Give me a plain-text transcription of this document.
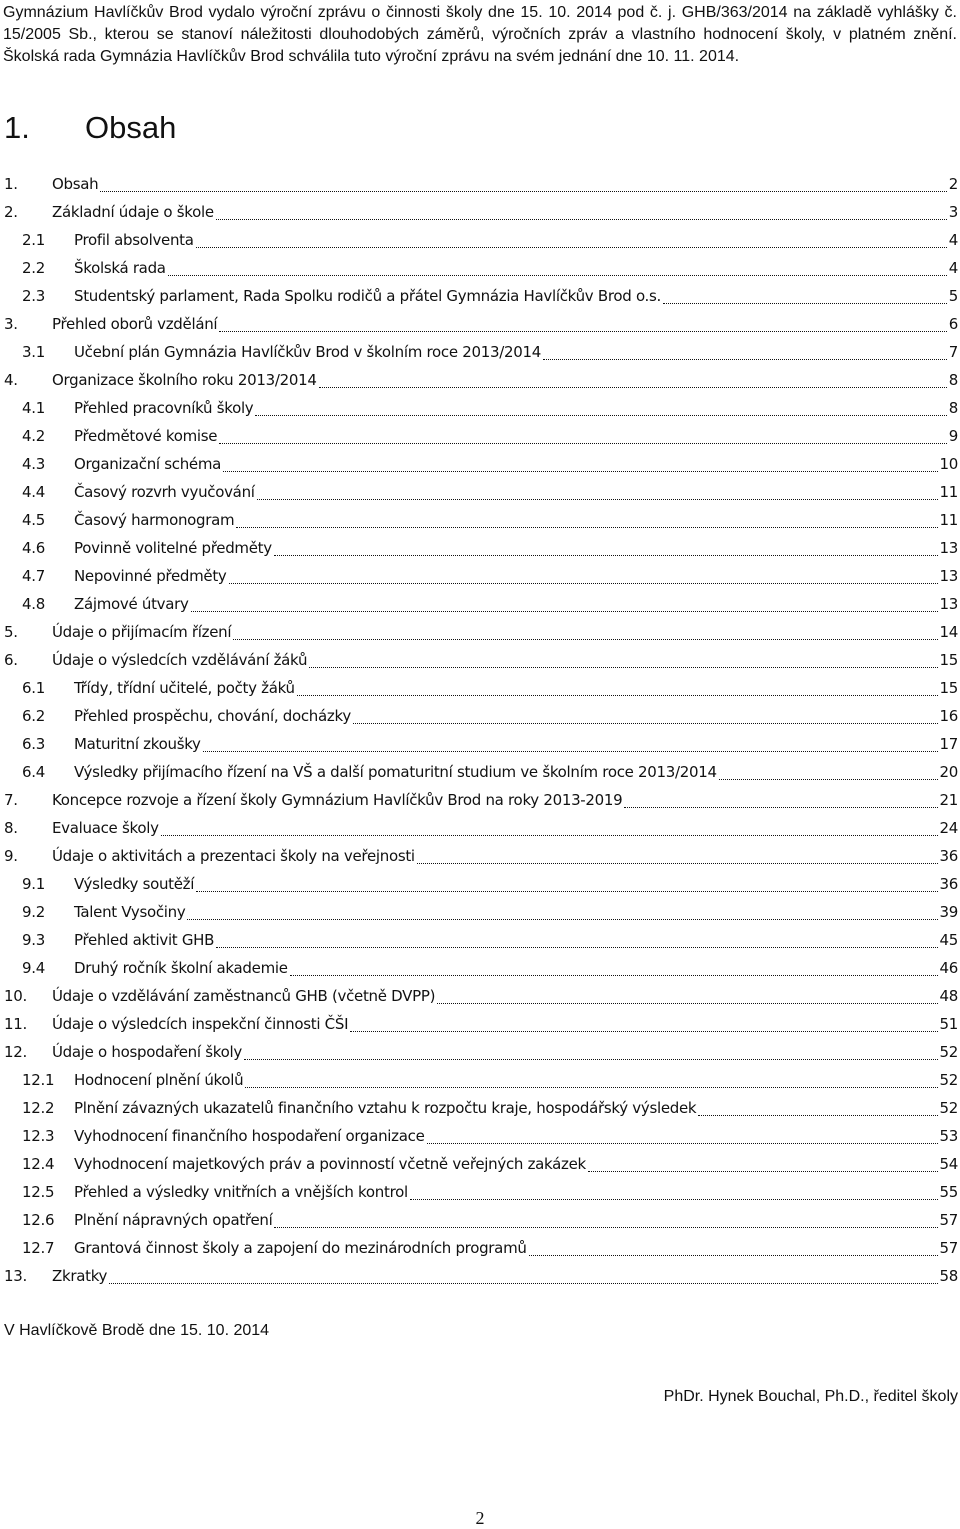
Gymnázium Havlíčkův Brod vydalo výroční zprávu o činnosti školy dne 15. 10. 2014 pod č. j. GHB/363/2014 na základě vyhlášky č. 15/2005 Sb., kterou se stanoví náležitosti dlouhodobých záměrů, výročních zpráv a vlastního hodnocení školy, v platném znění. Školská rada Gymnázia Havlíčkův Brod schválila tuto výroční zprávu na svém jednání dne 10. 11. 2014.

1. Obsah
1.	Obsah	2
2.	Základní údaje o škole	3
2.1	Profil absolventa	4
2.2	Školská rada	4
2.3	Studentský parlament, Rada Spolku rodičů a přátel Gymnázia Havlíčkův Brod o.s.	5
3.	Přehled oborů vzdělání	6
3.1	Učební plán Gymnázia Havlíčkův Brod v školním roce 2013/2014	7
4.	Organizace školního roku 2013/2014	8
4.1	Přehled pracovníků školy	8
4.2	Předmětové komise	9
4.3	Organizační schéma	10
4.4	Časový rozvrh vyučování	11
4.5	Časový harmonogram	11
4.6	Povinně volitelné předměty	13
4.7	Nepovinné předměty	13
4.8	Zájmové útvary	13
5.	Údaje o přijímacím řízení	14
6.	Údaje o výsledcích vzdělávání žáků	15
6.1	Třídy, třídní učitelé, počty žáků	15
6.2	Přehled prospěchu, chování, docházky	16
6.3	Maturitní zkoušky	17
6.4	Výsledky přijímacího řízení na VŠ a další pomaturitní studium ve školním roce 2013/2014	20
7.	Koncepce rozvoje a řízení školy Gymnázium Havlíčkův Brod na roky 2013-2019	21
8.	Evaluace školy	24
9.	Údaje o aktivitách a prezentaci školy na veřejnosti	36
9.1	Výsledky soutěží	36
9.2	Talent Vysočiny	39
9.3	Přehled aktivit GHB	45
9.4	Druhý ročník školní akademie	46
10.	Údaje o vzdělávání zaměstnanců GHB (včetně DVPP)	48
11.	Údaje o výsledcích inspekční činnosti ČŠI	51
12.	Údaje o hospodaření školy	52
12.1	Hodnocení plnění úkolů	52
12.2	Plnění závazných ukazatelů finančního vztahu k rozpočtu kraje, hospodářský výsledek	52
12.3	Vyhodnocení finančního hospodaření organizace	53
12.4	Vyhodnocení majetkových práv a povinností včetně veřejných zakázek	54
12.5	Přehled a výsledky vnitřních a vnějších kontrol	55
12.6	Plnění nápravných opatření	57
12.7	Grantová činnost školy a zapojení do mezinárodních programů	57
13.	Zkratky	58

V Havlíčkově Brodě dne 15. 10. 2014

PhDr. Hynek Bouchal, Ph.D., ředitel školy

2
